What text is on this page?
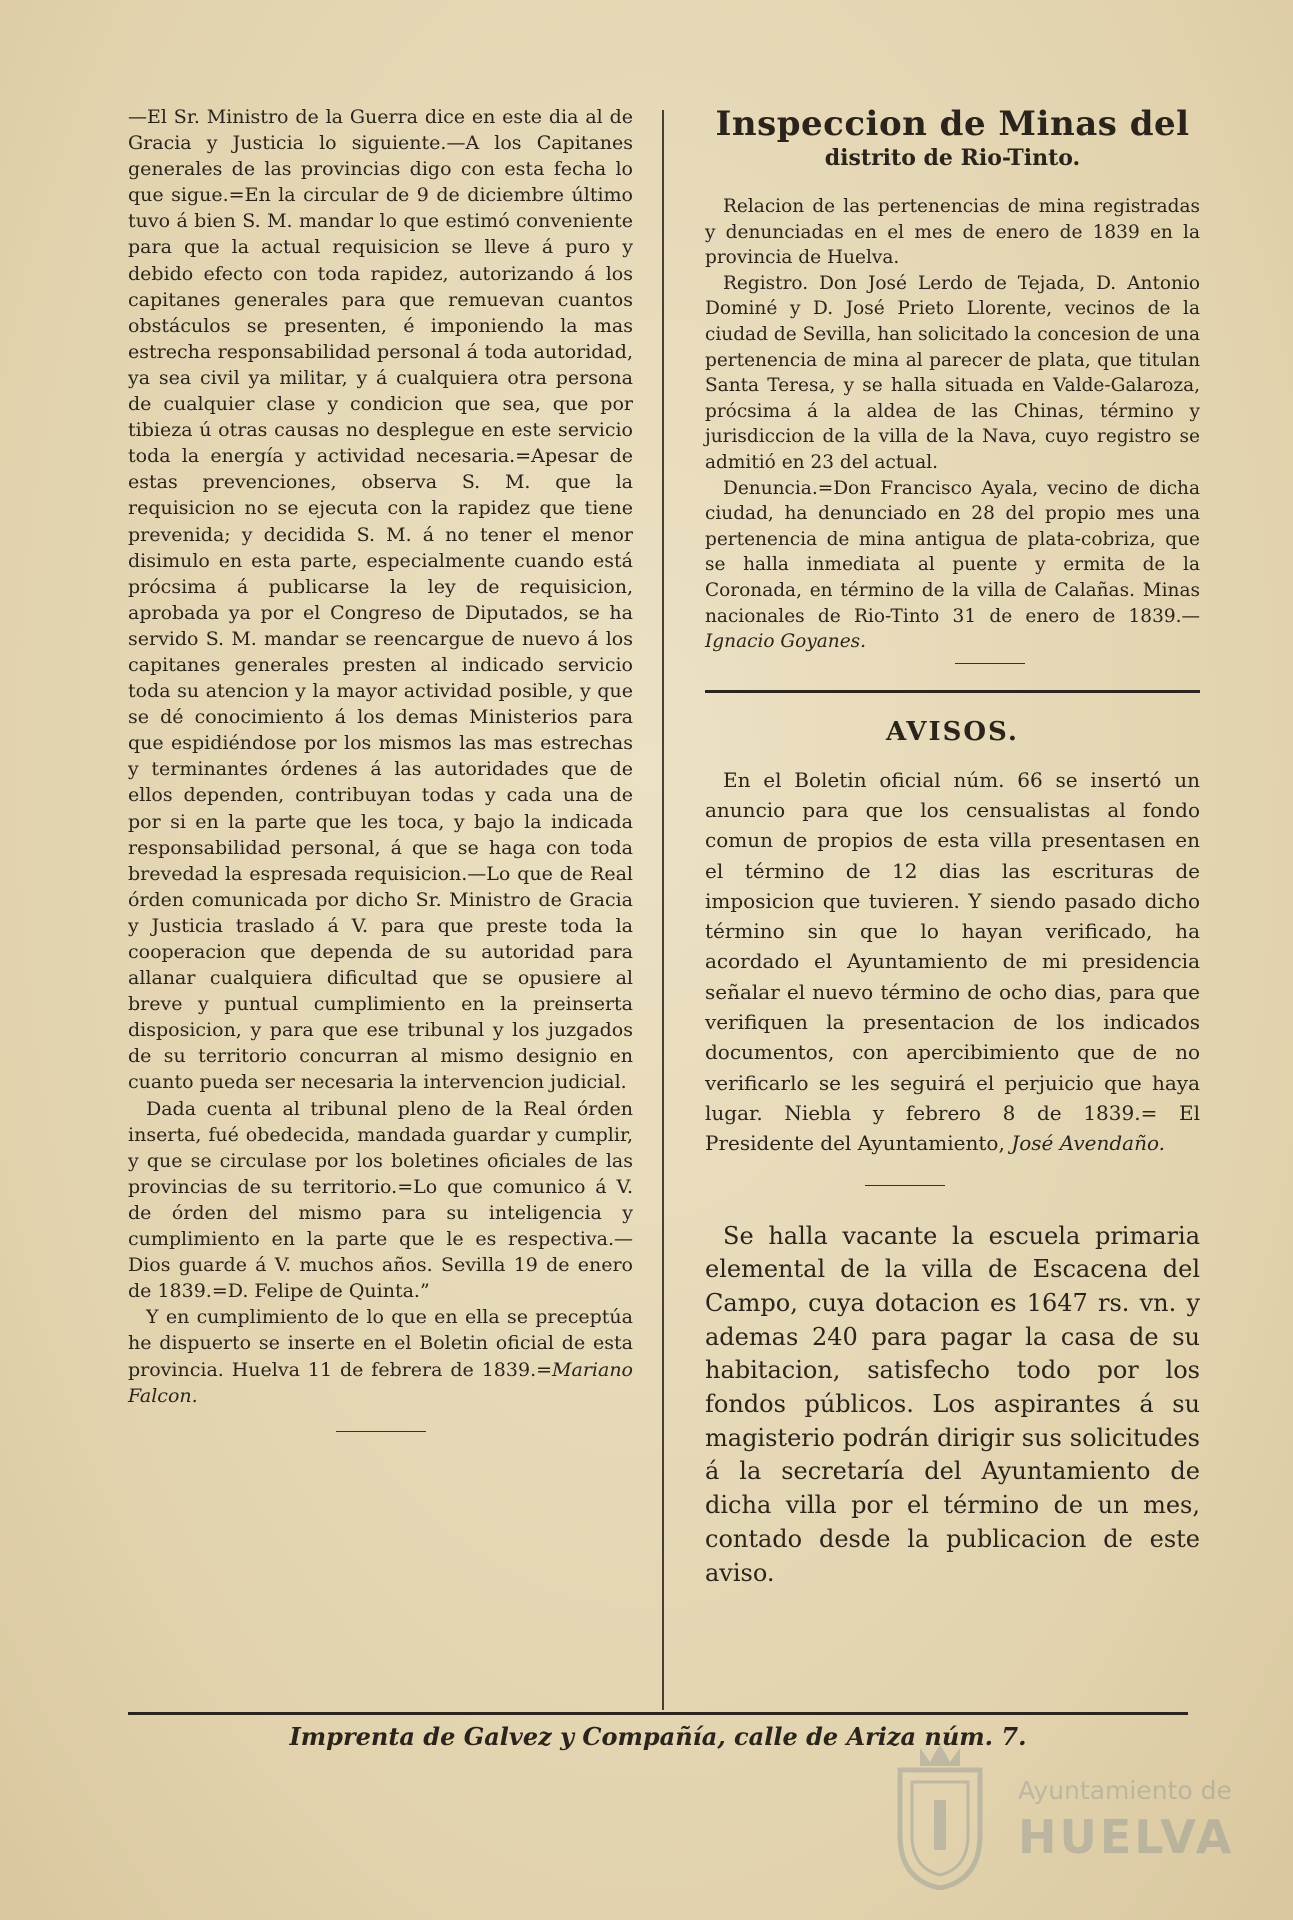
—El Sr. Ministro de la Guerra dice en este dia al de Gracia y Justicia lo siguiente.—A los Capitanes generales de las provincias digo con esta fecha lo que sigue.=En la circular de 9 de diciembre último tuvo á bien S. M. mandar lo que estimó conveniente para que la actual requisicion se lleve á puro y debido efecto con toda rapidez, autorizando á los capitanes generales para que remuevan cuantos obstáculos se presenten, é imponiendo la mas estrecha responsabilidad personal á toda autoridad, ya sea civil ya militar, y á cualquiera otra persona de cualquier clase y condicion que sea, que por tibieza ú otras causas no desplegue en este servicio toda la energía y actividad necesaria.=Apesar de estas prevenciones, observa S. M. que la requisicion no se ejecuta con la rapidez que tiene prevenida; y decidida S. M. á no tener el menor disimulo en esta parte, especialmente cuando está prócsima á publicarse la ley de requisicion, aprobada ya por el Congreso de Diputados, se ha servido S. M. mandar se reencargue de nuevo á los capitanes generales presten al indicado servicio toda su atencion y la mayor actividad posible, y que se dé conocimiento á los demas Ministerios para que espidiéndose por los mismos las mas estrechas y terminantes órdenes á las autoridades que de ellos dependen, contribuyan todas y cada una de por si en la parte que les toca, y bajo la indicada responsabilidad personal, á que se haga con toda brevedad la espresada requisicion.—Lo que de Real órden comunicada por dicho Sr. Ministro de Gracia y Justicia traslado á V. para que preste toda la cooperacion que dependa de su autoridad para allanar cualquiera dificultad que se opusiere al breve y puntual cumplimiento en la preinserta disposicion, y para que ese tribunal y los juzgados de su territorio concurran al mismo designio en cuanto pueda ser necesaria la intervencion judicial.

Dada cuenta al tribunal pleno de la Real órden inserta, fué obedecida, mandada guardar y cumplir, y que se circulase por los boletines oficiales de las provincias de su territorio.=Lo que comunico á V. de órden del mismo para su inteligencia y cumplimiento en la parte que le es respectiva.—Dios guarde á V. muchos años. Sevilla 19 de enero de 1839.=D. Felipe de Quinta.”

Y en cumplimiento de lo que en ella se preceptúa he dispuerto se inserte en el Boletin oficial de esta provincia. Huelva 11 de febrera de 1839.=Mariano Falcon.

Inspeccion de Minas del
distrito de Rio-Tinto.

Relacion de las pertenencias de mina registradas y denunciadas en el mes de enero de 1839 en la provincia de Huelva.

Registro. Don José Lerdo de Tejada, D. Antonio Dominé y D. José Prieto Llorente, vecinos de la ciudad de Sevilla, han solicitado la concesion de una pertenencia de mina al parecer de plata, que titulan Santa Teresa, y se halla situada en Valde-Galaroza, prócsima á la aldea de las Chinas, término y jurisdiccion de la villa de la Nava, cuyo registro se admitió en 23 del actual.

Denuncia.=Don Francisco Ayala, vecino de dicha ciudad, ha denunciado en 28 del propio mes una pertenencia de mina antigua de plata-cobriza, que se halla inmediata al puente y ermita de la Coronada, en término de la villa de Calañas. Minas nacionales de Rio-Tinto 31 de enero de 1839.—Ignacio Goyanes.

AVISOS.

En el Boletin oficial núm. 66 se insertó un anuncio para que los censualistas al fondo comun de propios de esta villa presentasen en el término de 12 dias las escrituras de imposicion que tuvieren. Y siendo pasado dicho término sin que lo hayan verificado, ha acordado el Ayuntamiento de mi presidencia señalar el nuevo término de ocho dias, para que verifiquen la presentacion de los indicados documentos, con apercibimiento que de no verificarlo se les seguirá el perjuicio que haya lugar. Niebla y febrero 8 de 1839.= El Presidente del Ayuntamiento, José Avendaño.

Se halla vacante la escuela primaria elemental de la villa de Escacena del Campo, cuya dotacion es 1647 rs. vn. y ademas 240 para pagar la casa de su habitacion, satisfecho todo por los fondos públicos. Los aspirantes á su magisterio podrán dirigir sus solicitudes á la secretaría del Ayuntamiento de dicha villa por el término de un mes, contado desde la publicacion de este aviso.

Imprenta de Galvez y Compañía, calle de Ariza núm. 7.
Ayuntamiento de
HUELVA
